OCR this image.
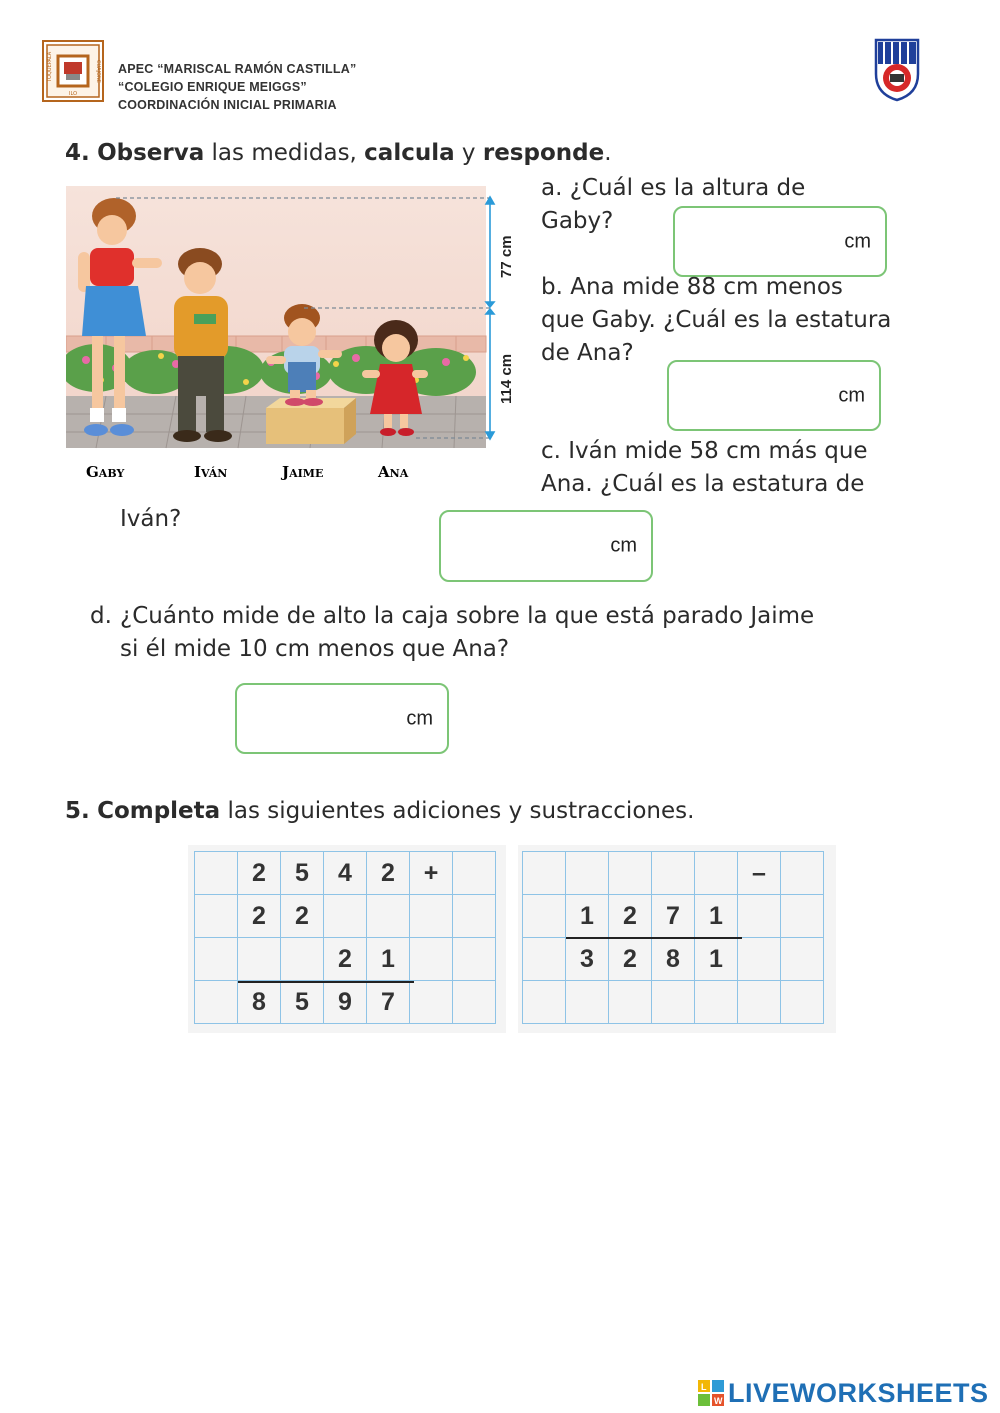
TOQUEPALA	CUAJONE
ILO
APEC “MARISCAL RAMÓN CASTILLA”
“COLEGIO ENRIQUE MEIGGS”
COORDINACIÓN INICIAL PRIMARIA
4. Observa las medidas, calcula y responde.
77 cm
114 cm
Gaby	Iván	Jaime	Ana
a. ¿Cuál es la altura de
Gaby?
cm
b. Ana mide 88 cm menos
que Gaby. ¿Cuál es la estatura
de Ana?
cm
c. Iván mide 58 cm más que
Ana. ¿Cuál es la estatura de
Iván?
cm
d. ¿Cuánto mide de alto la caja sobre la que está parado Jaime
si él mide 10 cm menos que Ana?
cm
5. Completa las siguientes adiciones y sustracciones.
	2	5	4	2	+	
	2	2				
			2	1		
	8	5	9	7		
					–	
	1	2	7	1		
	3	2	8	1		

L
W LIVEWORKSHEETS
